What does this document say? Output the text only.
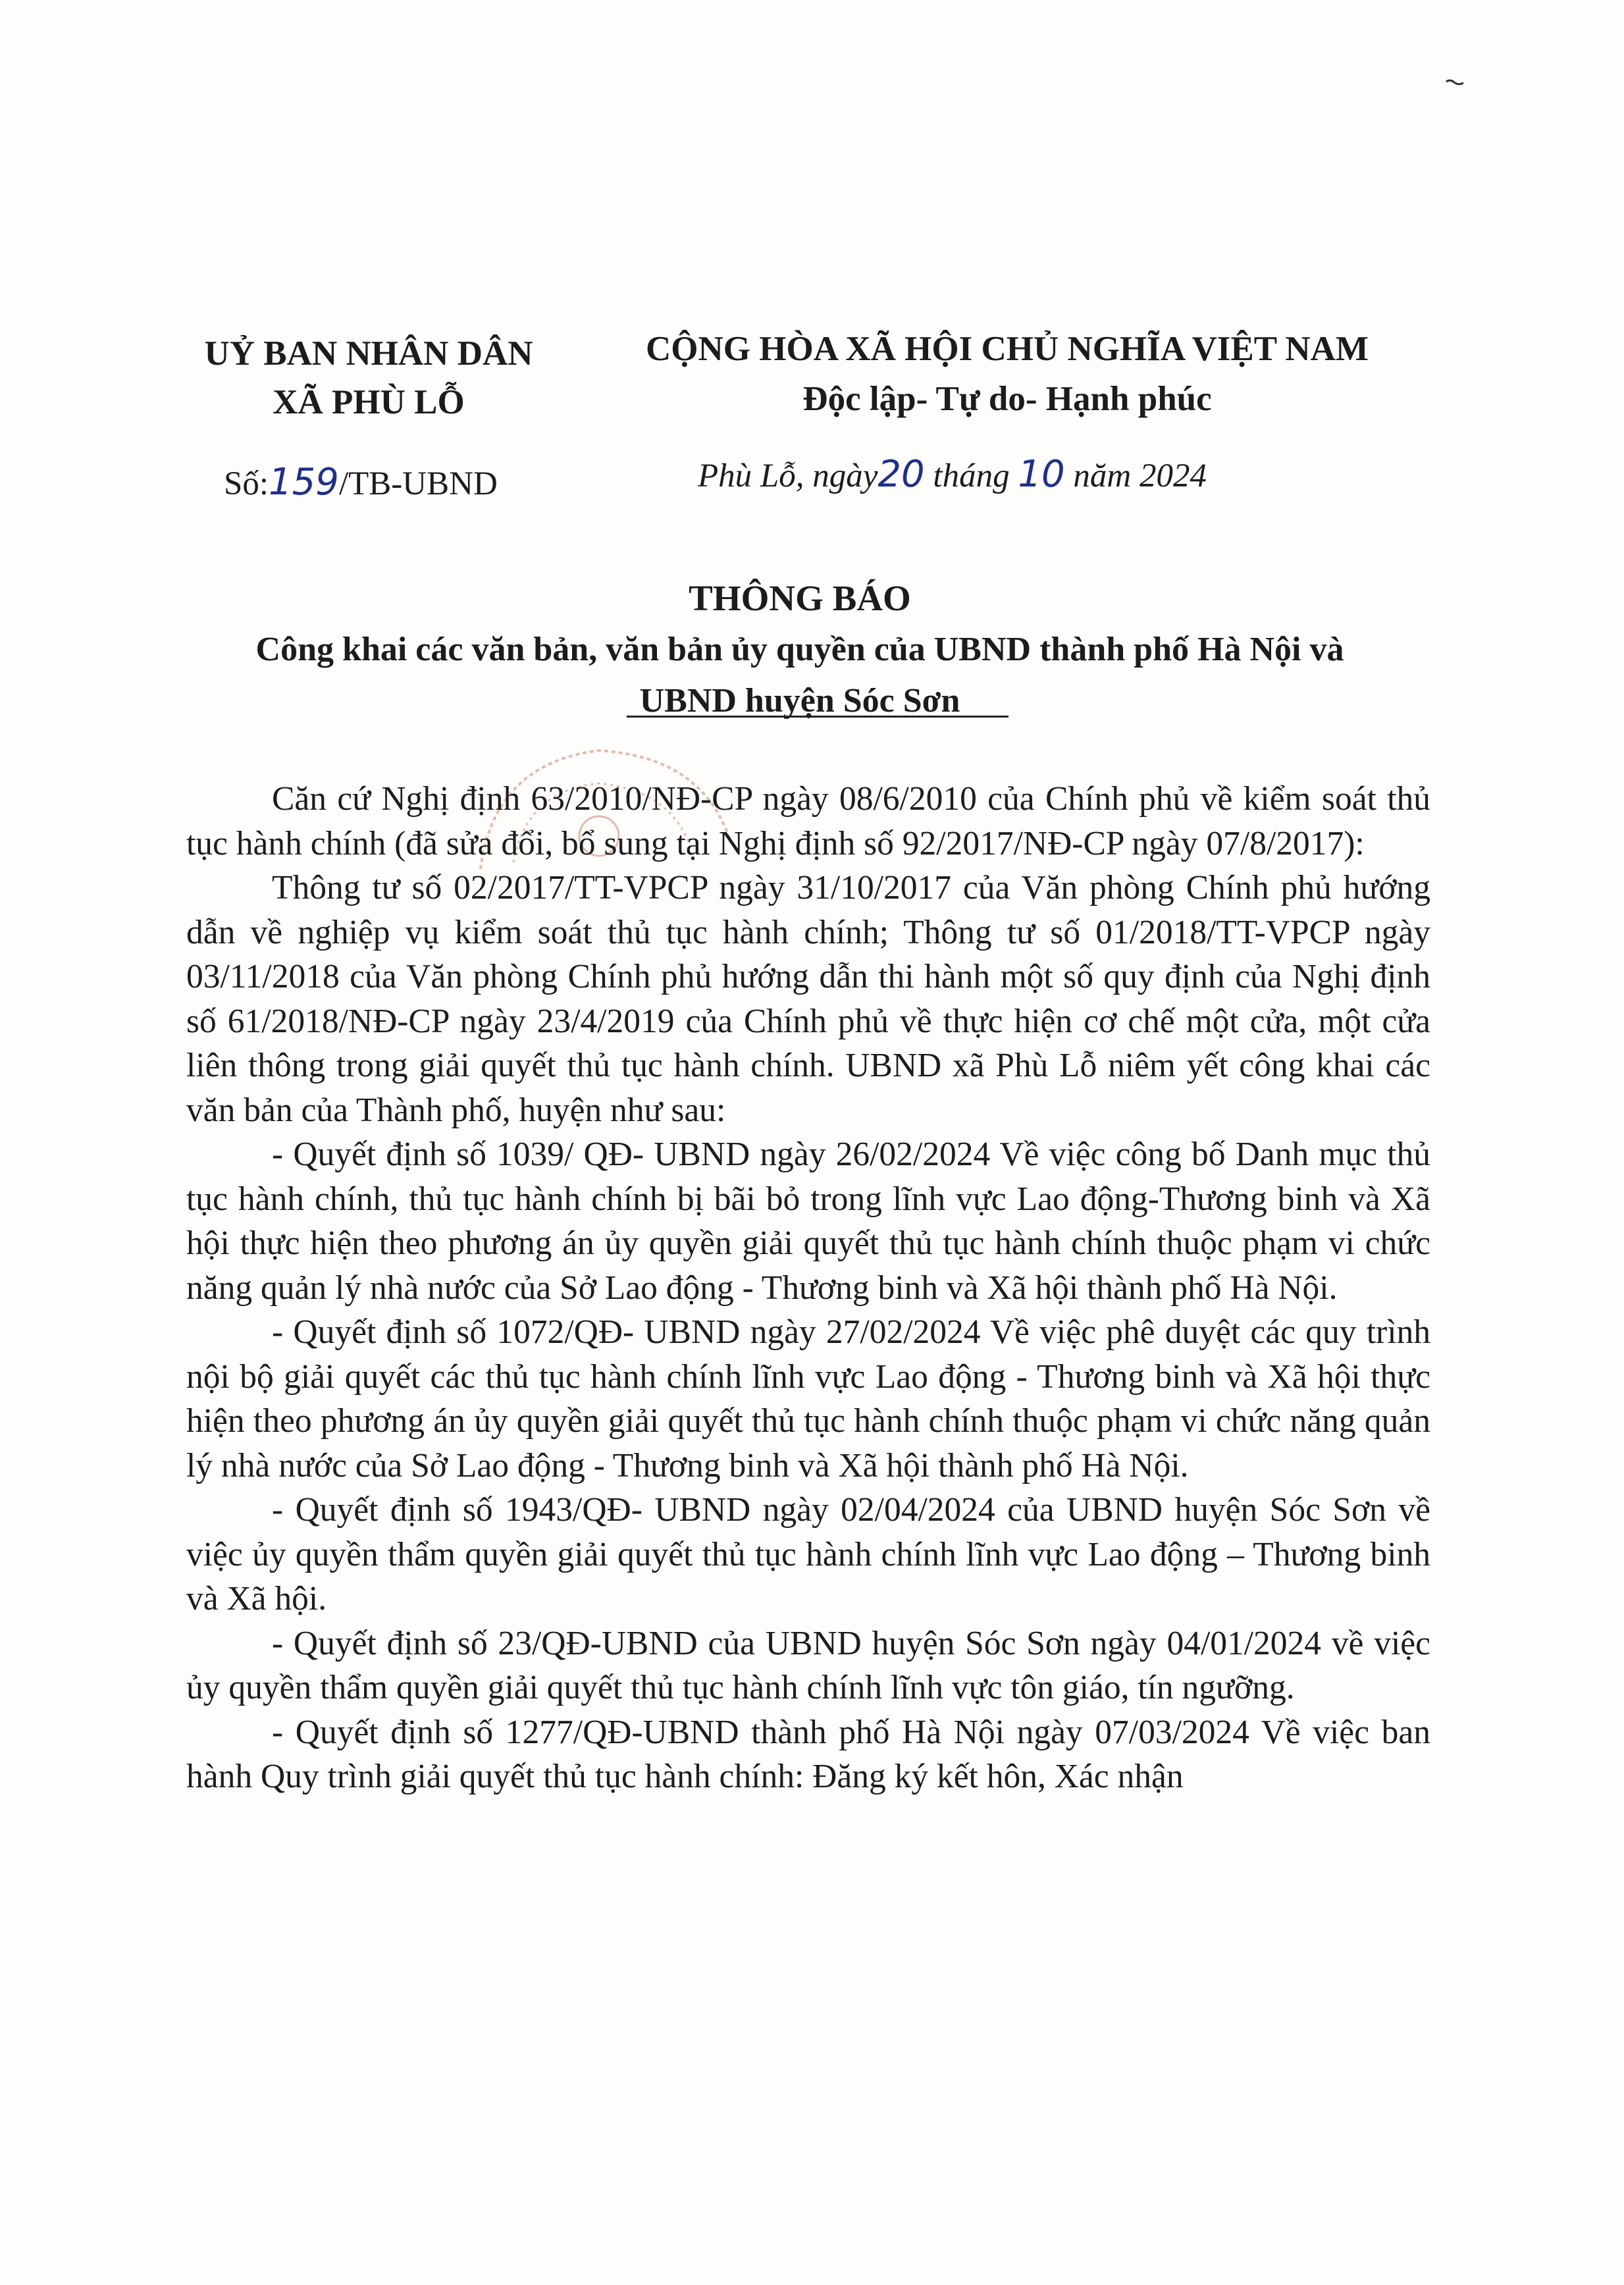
UỶ BAN NHÂN DÂN
XÃ PHÙ LỖ
CỘNG HÒA XÃ HỘI CHỦ NGHĨA VIỆT NAM
Độc lập- Tự do- Hạnh phúc
Số:159/TB-UBND	Phù Lỗ, ngày20 tháng 10 năm 2024
THÔNG BÁO
Công khai các văn bản, văn bản ủy quyền của UBND thành phố Hà Nội và
UBND huyện Sóc Sơn

Căn cứ Nghị định 63/2010/NĐ-CP ngày 08/6/2010 của Chính phủ về kiểm soát thủ tục hành chính (đã sửa đổi, bổ sung tại Nghị định số 92/2017/NĐ-CP ngày 07/8/2017):

Thông tư số 02/2017/TT-VPCP ngày 31/10/2017 của Văn phòng Chính phủ hướng dẫn về nghiệp vụ kiểm soát thủ tục hành chính; Thông tư số 01/2018/TT-VPCP ngày 03/11/2018 của Văn phòng Chính phủ hướng dẫn thi hành một số quy định của Nghị định số 61/2018/NĐ-CP ngày 23/4/2019 của Chính phủ về thực hiện cơ chế một cửa, một cửa liên thông trong giải quyết thủ tục hành chính. UBND xã Phù Lỗ niêm yết công khai các văn bản của Thành phố, huyện như sau:

- Quyết định số 1039/ QĐ- UBND ngày 26/02/2024 Về việc công bố Danh mục thủ tục hành chính, thủ tục hành chính bị bãi bỏ trong lĩnh vực Lao động-Thương binh và Xã hội thực hiện theo phương án ủy quyền giải quyết thủ tục hành chính thuộc phạm vi chức năng quản lý nhà nước của Sở Lao động - Thương binh và Xã hội thành phố Hà Nội.

- Quyết định số 1072/QĐ- UBND ngày 27/02/2024 Về việc phê duyệt các quy trình nội bộ giải quyết các thủ tục hành chính lĩnh vực Lao động - Thương binh và Xã hội thực hiện theo phương án ủy quyền giải quyết thủ tục hành chính thuộc phạm vi chức năng quản lý nhà nước của Sở Lao động - Thương binh và Xã hội thành phố Hà Nội.

- Quyết định số 1943/QĐ- UBND ngày 02/04/2024 của UBND huyện Sóc Sơn về việc ủy quyền thẩm quyền giải quyết thủ tục hành chính lĩnh vực Lao động – Thương binh và Xã hội.

- Quyết định số 23/QĐ-UBND của UBND huyện Sóc Sơn ngày 04/01/2024 về việc ủy quyền thẩm quyền giải quyết thủ tục hành chính lĩnh vực tôn giáo, tín ngưỡng.

- Quyết định số 1277/QĐ-UBND thành phố Hà Nội ngày 07/03/2024 Về việc ban hành Quy trình giải quyết thủ tục hành chính: Đăng ký kết hôn, Xác nhận
